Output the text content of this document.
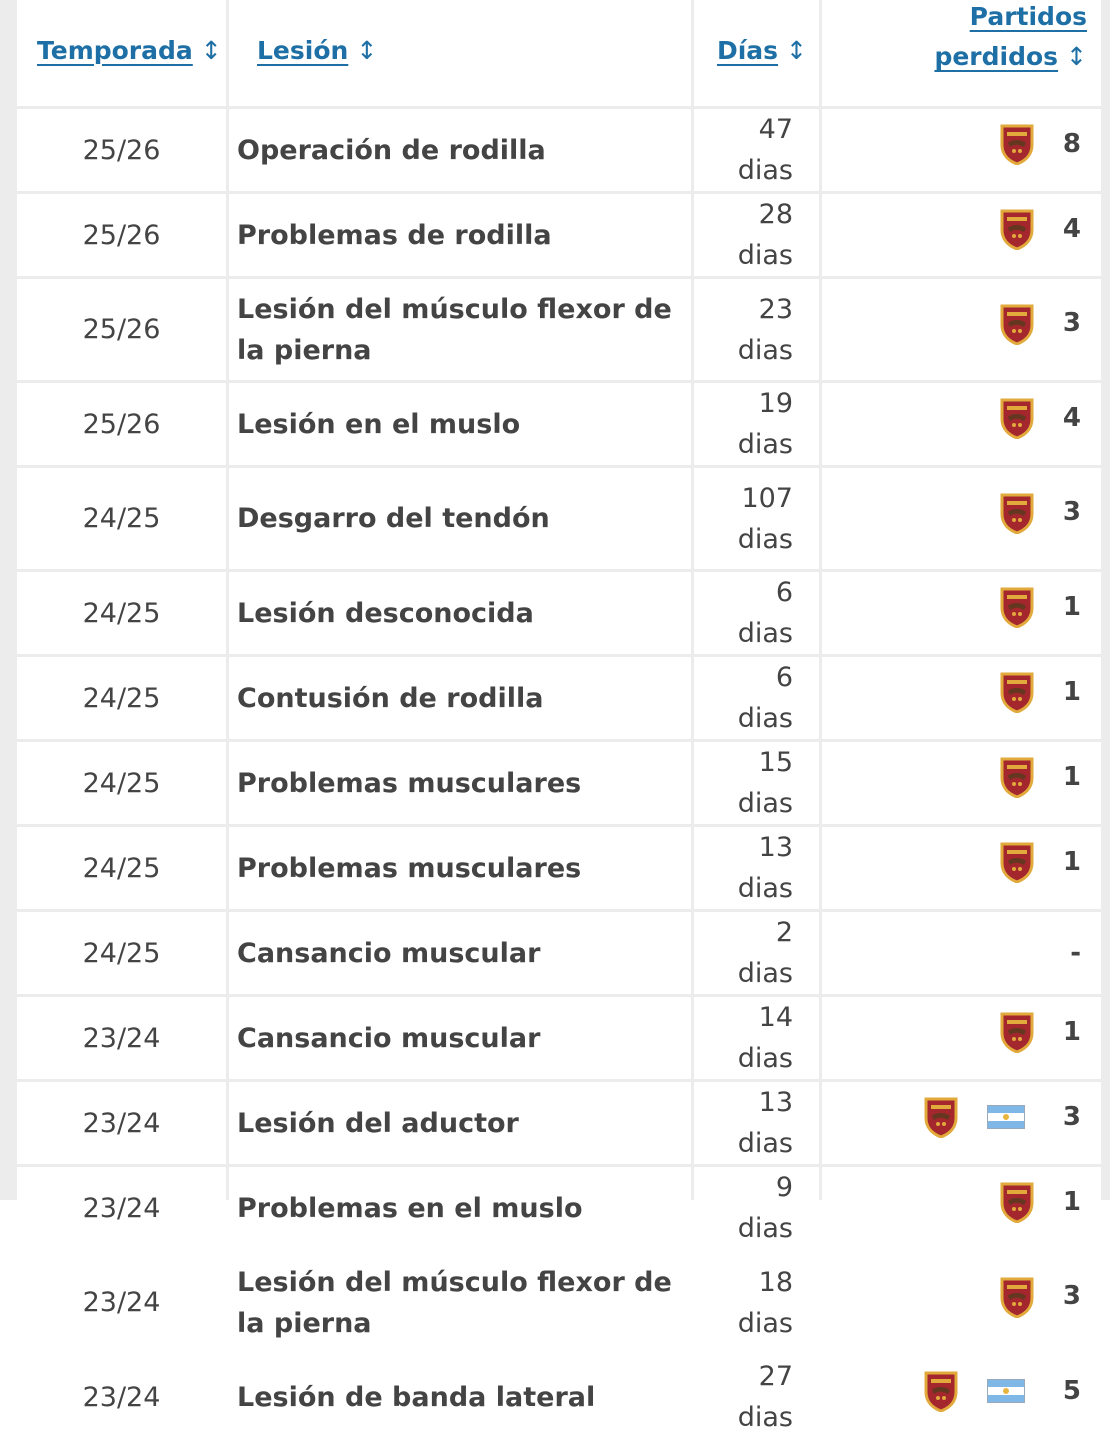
Temporada ↕	Lesión ↕	Días ↕	Partidos
perdidos ↕
25/26	Operación de rodilla	47 dias	8

25/26	Problemas de rodilla	28 dias	4

25/26	Lesión del músculo flexor de la pierna	23 dias	3

25/26	Lesión en el muslo	19 dias	4

24/25	Desgarro del tendón	107 dias	3

24/25	Lesión desconocida	6 dias	1

24/25	Contusión de rodilla	6 dias	1

24/25	Problemas musculares	15 dias	1

24/25	Problemas musculares	13 dias	1

24/25	Cansancio muscular	2 dias	-

23/24	Cansancio muscular	14 dias	1

23/24	Lesión del aductor	13 dias	3

23/24	Problemas en el muslo	9 dias	1

23/24	Lesión del músculo flexor de la pierna	18 dias	3

23/24	Lesión de banda lateral	27 dias	5
